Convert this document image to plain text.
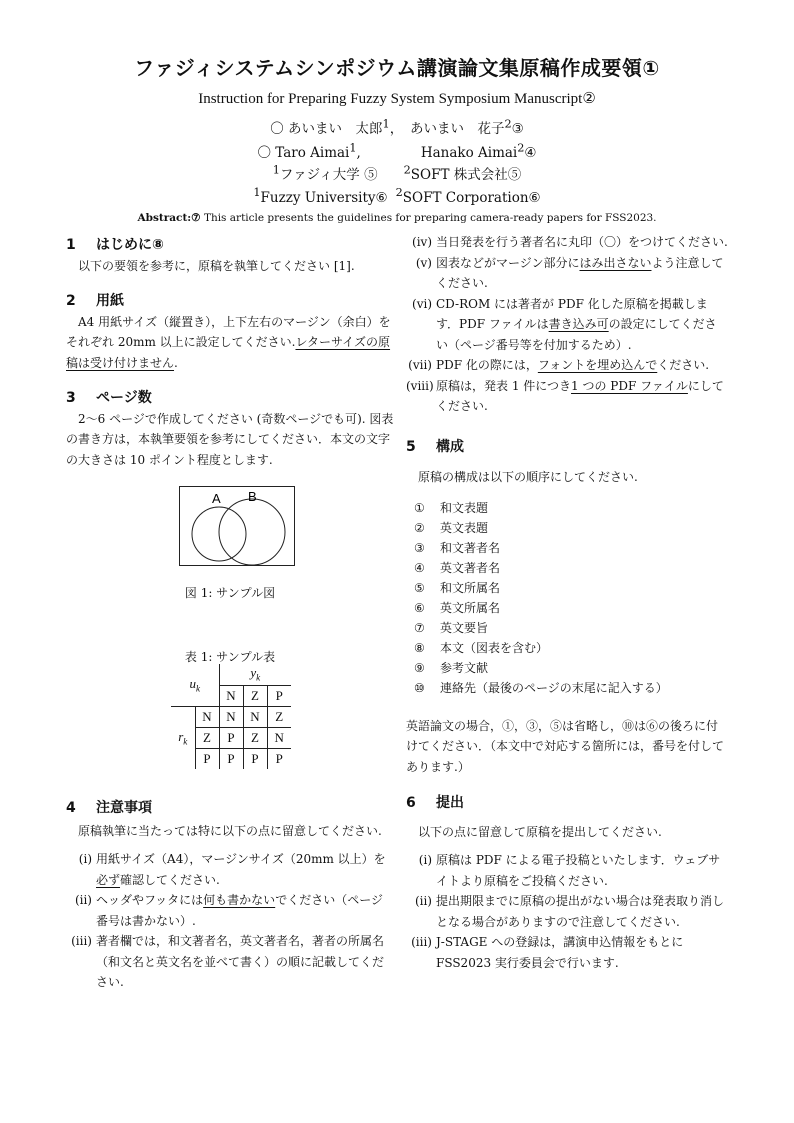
ファジィシステムシンポジウム講演論文集原稿作成要領①
Instruction for Preparing Fuzzy System Symposium Manuscript②
〇 あいまい　太郎$^1$，　あいまい　花子$^2$③
〇 Taro Aimai$^1$,	Hanako Aimai$^2$④
$^1$ファジィ大学 ⑤ $^2$SOFT 株式会社⑤
$^1$Fuzzy University⑥ $^2$SOFT Corporation⑥
Abstract:⑦ This article presents the guidelines for preparing camera-ready papers for FSS2023.
1 はじめに⑧
以下の要領を参考に，原稿を執筆してください [1].
2 用紙
A4 用紙サイズ（縦置き），上下左右のマージン（余白）をそれぞれ 20mm 以上に設定してください.レターサイズの原稿は受け付けません.
3 ページ数
2〜6 ページで作成してください (奇数ページでも可). 図表の書き方は，本執筆要領を参考にしてください．本文の文字の大きさは 10 ポイント程度とします.
A B
図 1: サンプル図
表 1: サンプル表
$u_k$		$y_k$
		N	Z	P
$r_k$	N	N	N	Z
	Z	P	Z	N
	P	P	P	P
4 注意事項
原稿執筆に当たっては特に以下の点に留意してください.
(i) 用紙サイズ（A4），マージンサイズ（20mm 以上）を必ず確認してください.
(ii) ヘッダやフッタには何も書かないでください（ページ番号は書かない）.
(iii) 著者欄では，和文著者名，英文著者名，著者の所属名（和文名と英文名を並べて書く）の順に記載してください.
(iv) 当日発表を行う著者名に丸印（〇）をつけてください.
(v) 図表などがマージン部分にはみ出さないよう注意してください.
(vi) CD-ROM には著者が PDF 化した原稿を掲載します．PDF ファイルは書き込み可の設定にしてください（ページ番号等を付加するため）.
(vii) PDF 化の際には，フォントを埋め込んでください.
(viii) 原稿は，発表 1 件につき1 つの PDF ファイルにしてください.
5 構成
原稿の構成は以下の順序にしてください.
① 和文表題
② 英文表題
③ 和文著者名
④ 英文著者名
⑤ 和文所属名
⑥ 英文所属名
⑦ 英文要旨
⑧ 本文（図表を含む）
⑨ 参考文献
⑩ 連絡先（最後のページの末尾に記入する）
英語論文の場合，①，③，⑤は省略し，⑩は⑥の後ろに付けてください．（本文中で対応する箇所には，番号を付してあります.）
6 提出
以下の点に留意して原稿を提出してください.
(i) 原稿は PDF による電子投稿といたします．ウェブサイトより原稿をご投稿ください.
(ii) 提出期限までに原稿の提出がない場合は発表取り消しとなる場合がありますので注意してください.
(iii) J-STAGE への登録は，講演申込情報をもとに FSS2023 実行委員会で行います.
